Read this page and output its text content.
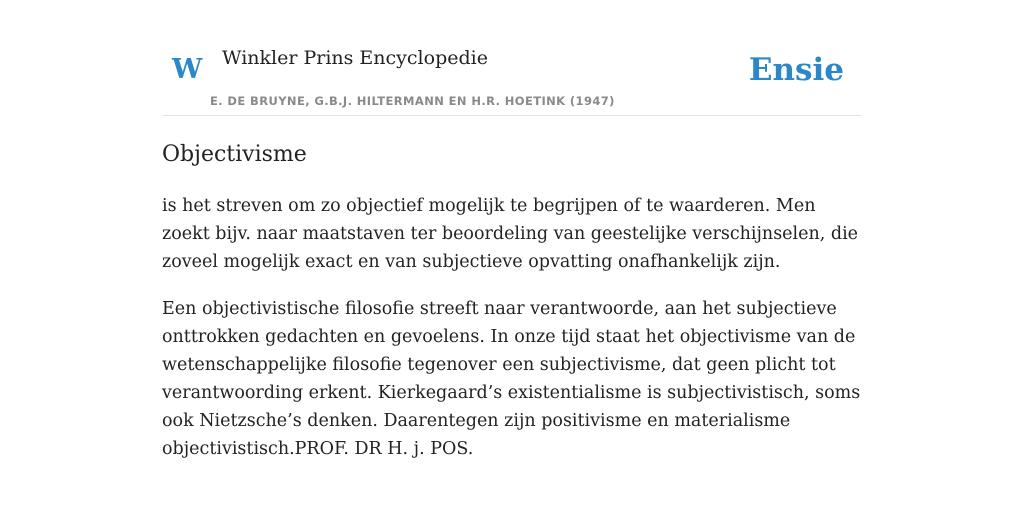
W Winkler Prins Encyclopedie	Ensie
E. DE BRUYNE, G.B.J. HILTERMANN EN H.R. HOETINK (1947)
Objectivisme

is het streven om zo objectief mogelijk te begrijpen of te waarderen. Men zoekt bijv. naar maatstaven ter beoordeling van geestelijke verschijnselen, die zoveel mogelijk exact en van subjectieve opvatting onafhankelijk zijn.

Een objectivistische filosofie streeft naar verantwoorde, aan het subjectieve onttrokken gedachten en gevoelens. In onze tijd staat het objectivisme van de wetenschappelijke filosofie tegenover een subjectivisme, dat geen plicht tot verantwoording erkent. Kierkegaard’s existentialisme is subjectivistisch, soms ook Nietzsche’s denken. Daarentegen zijn positivisme en materialisme objectivistisch.PROF. DR H. j. POS.
